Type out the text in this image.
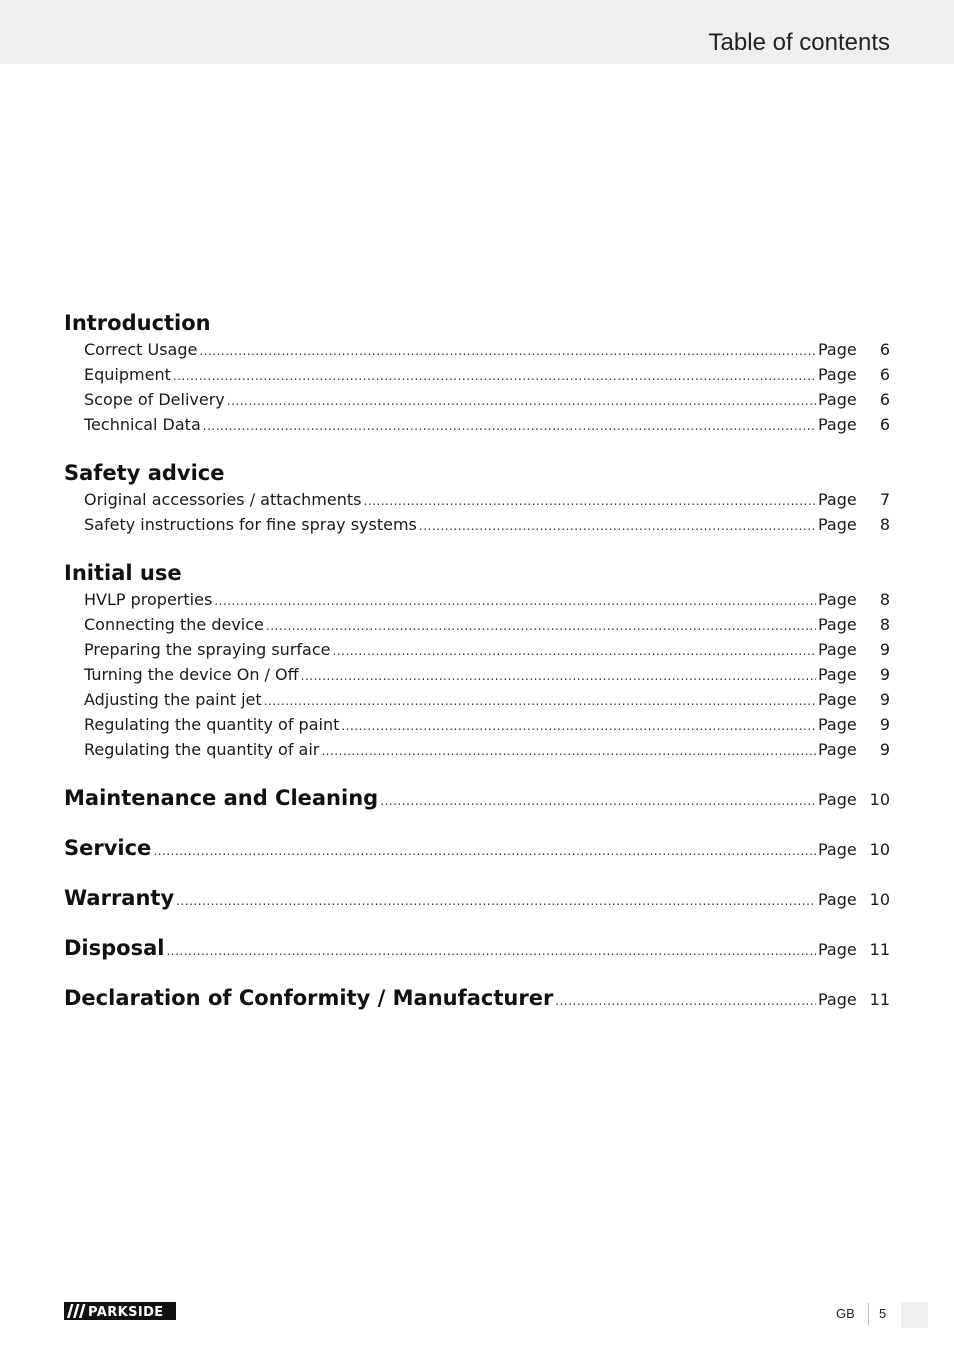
Table of contents
Introduction
Correct Usage .....	Page	6
Equipment .....	Page	6
Scope of Delivery .....	Page	6
Technical Data .....	Page	6
Safety advice
Original accessories / attachments .....	Page	7
Safety instructions for fine spray systems .....	Page	8
Initial use
HVLP properties .....	Page	8
Connecting the device .....	Page	8
Preparing the spraying surface .....	Page	9
Turning the device On / Off .....	Page	9
Adjusting the paint jet .....	Page	9
Regulating the quantity of paint .....	Page	9
Regulating the quantity of air .....	Page	9
Maintenance and Cleaning .....	Page 10
Service .....	Page 10
Warranty .....	Page 10
Disposal .....	Page 11
Declaration of Conformity / Manufacturer .....	Page 11
PARKSIDE	GB 5
